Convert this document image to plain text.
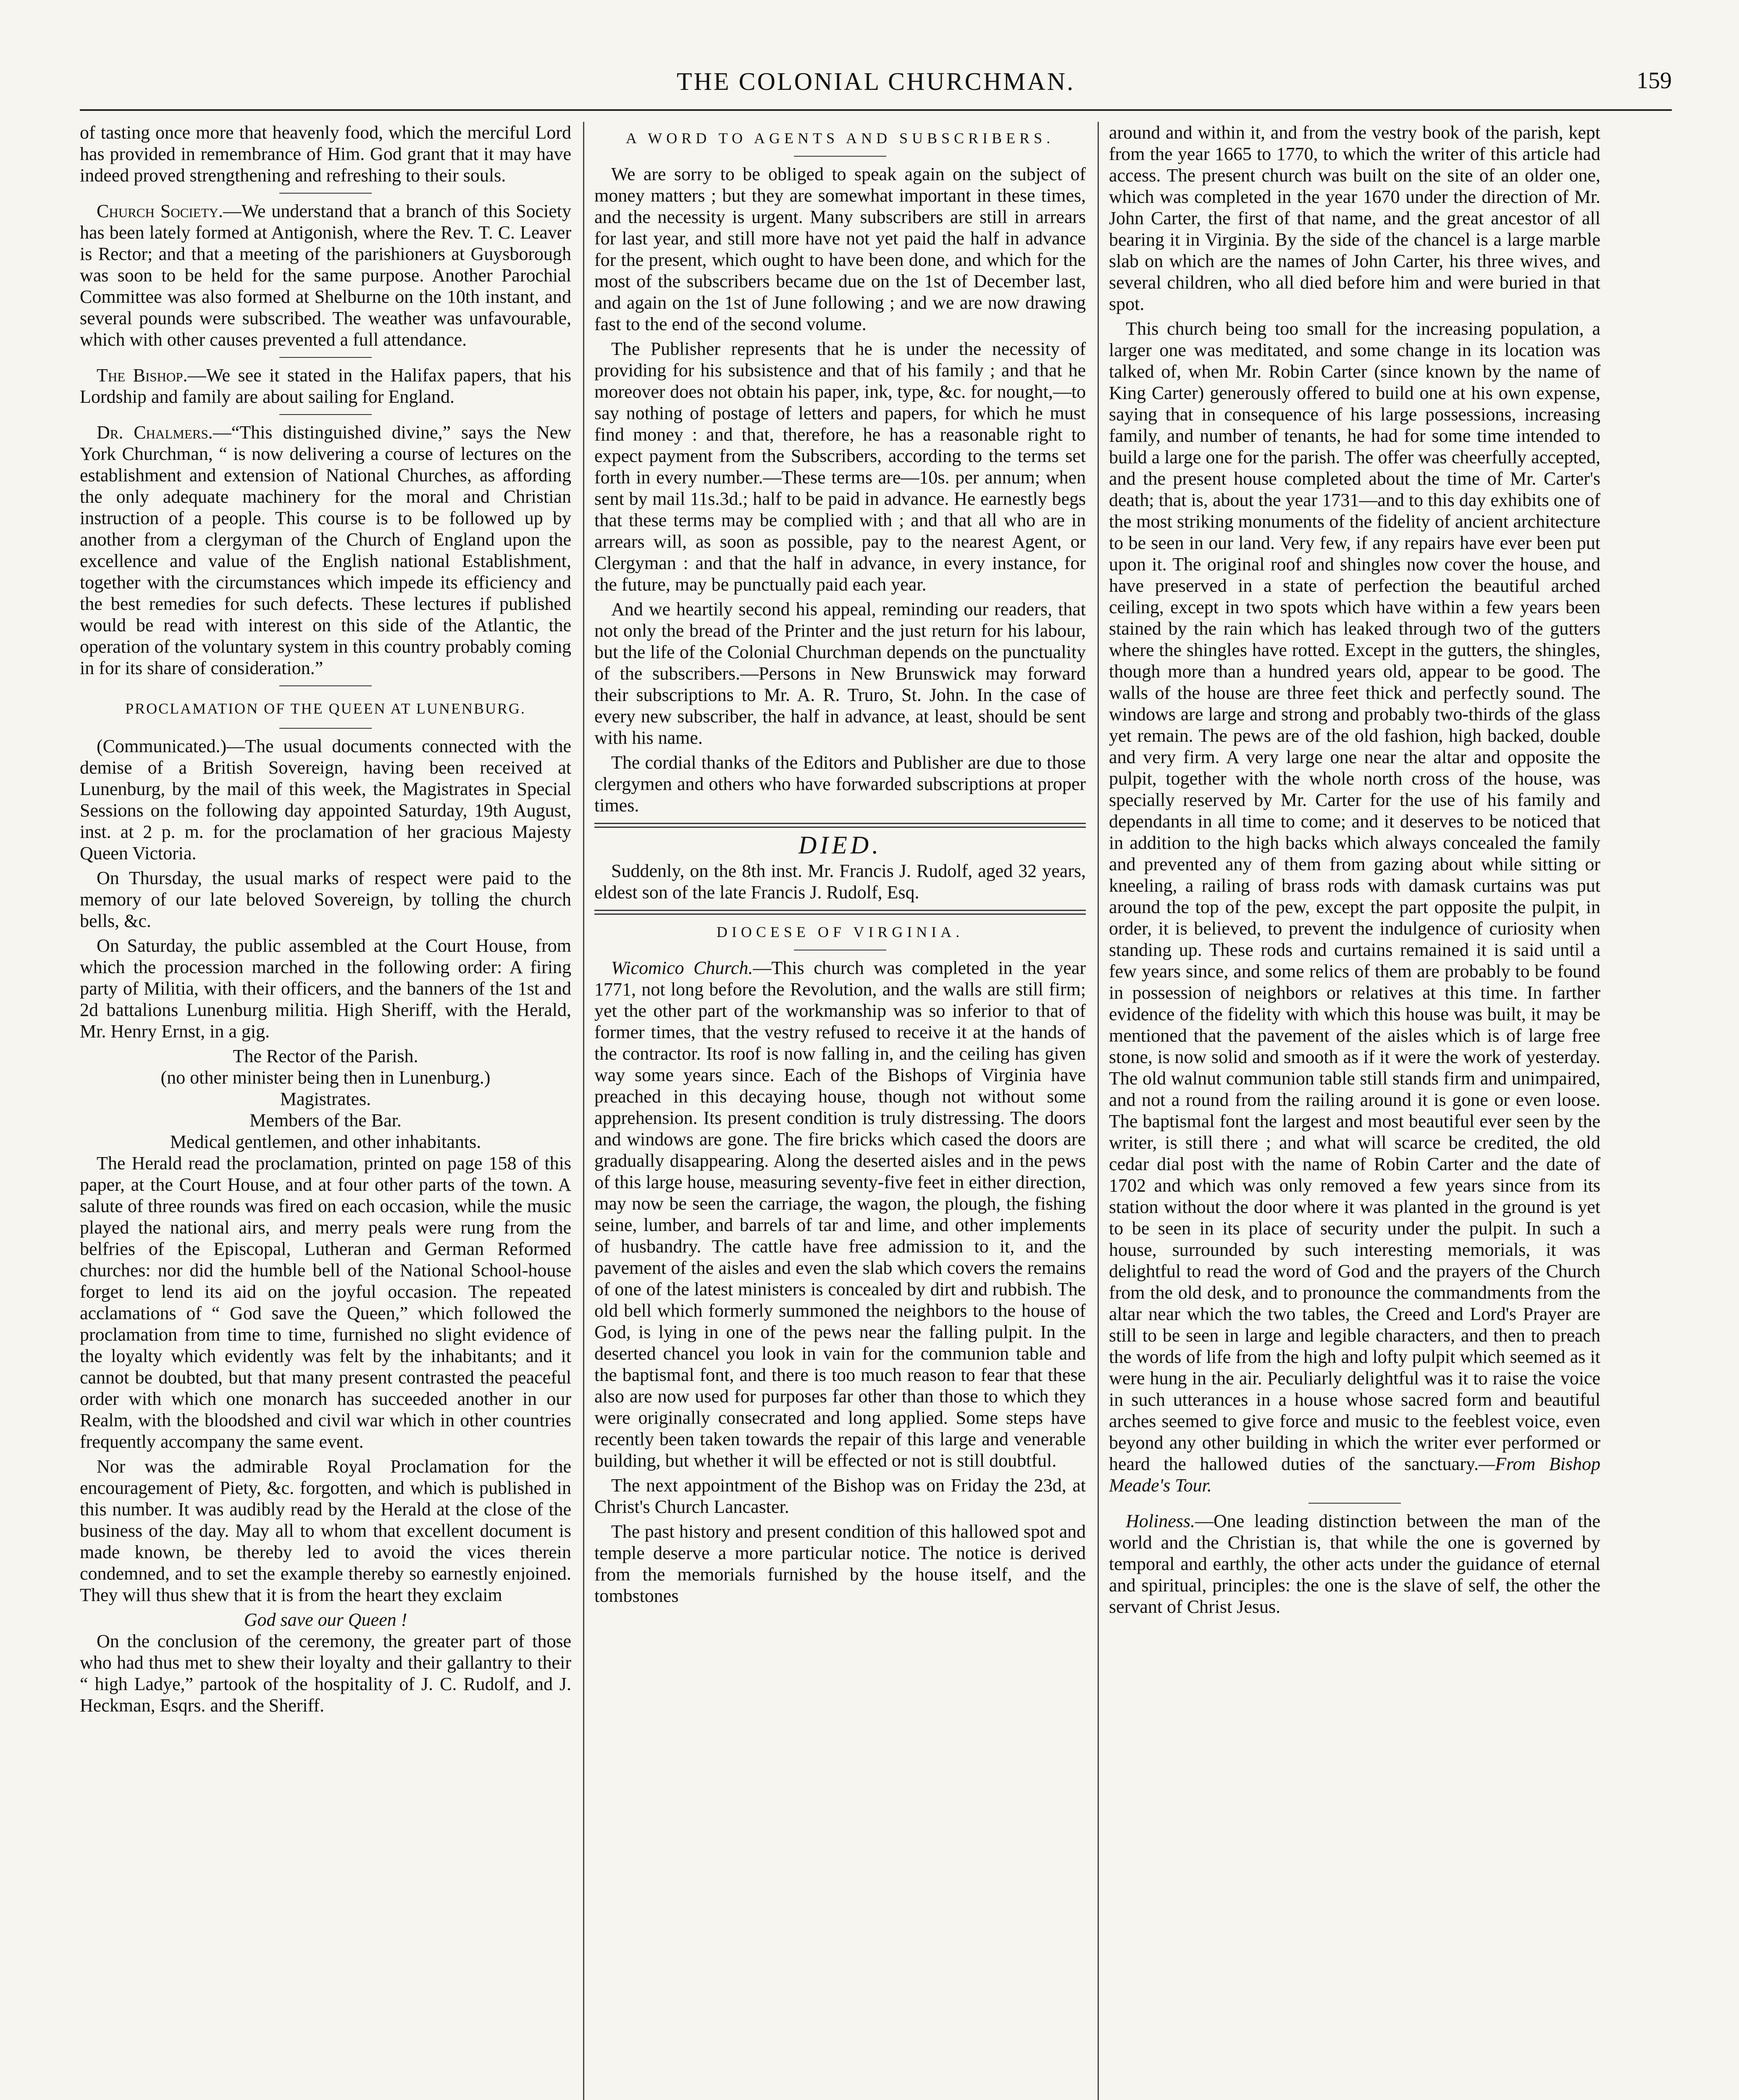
THE COLONIAL CHURCHMAN.	159

of tasting once more that heavenly food, which the merciful Lord has provided in remembrance of Him. God grant that it may have indeed proved strengthening and refreshing to their souls.

Church Society.—We understand that a branch of this Society has been lately formed at Antigonish, where the Rev. T. C. Leaver is Rector; and that a meeting of the parishioners at Guysborough was soon to be held for the same purpose. Another Parochial Committee was also formed at Shelburne on the 10th instant, and several pounds were subscribed. The weather was unfavourable, which with other causes prevented a full attendance.

The Bishop.—We see it stated in the Halifax papers, that his Lordship and family are about sailing for England.

Dr. Chalmers.—“This distinguished divine,” says the New York Churchman, “ is now delivering a course of lectures on the establishment and extension of National Churches, as affording the only adequate machinery for the moral and Christian instruction of a people. This course is to be followed up by another from a clergyman of the Church of England upon the excellence and value of the English national Establishment, together with the circumstances which impede its efficiency and the best remedies for such defects. These lectures if published would be read with interest on this side of the Atlantic, the operation of the voluntary system in this country probably coming in for its share of consideration.”

PROCLAMATION OF THE QUEEN AT LUNENBURG.

(Communicated.)—The usual documents connected with the demise of a British Sovereign, having been received at Lunenburg, by the mail of this week, the Magistrates in Special Sessions on the following day appointed Saturday, 19th August, inst. at 2 p. m. for the proclamation of her gracious Majesty Queen Victoria.

On Thursday, the usual marks of respect were paid to the memory of our late beloved Sovereign, by tolling the church bells, &c.

On Saturday, the public assembled at the Court House, from which the procession marched in the following order: A firing party of Militia, with their officers, and the banners of the 1st and 2d battalions Lunenburg militia. High Sheriff, with the Herald, Mr. Henry Ernst, in a gig.

The Rector of the Parish.
(no other minister being then in Lunenburg.)
Magistrates.
Members of the Bar.
Medical gentlemen, and other inhabitants.

The Herald read the proclamation, printed on page 158 of this paper, at the Court House, and at four other parts of the town. A salute of three rounds was fired on each occasion, while the music played the national airs, and merry peals were rung from the belfries of the Episcopal, Lutheran and German Reformed churches: nor did the humble bell of the National School-house forget to lend its aid on the joyful occasion. The repeated acclamations of “ God save the Queen,” which followed the proclamation from time to time, furnished no slight evidence of the loyalty which evidently was felt by the inhabitants; and it cannot be doubted, but that many present contrasted the peaceful order with which one monarch has succeeded another in our Realm, with the bloodshed and civil war which in other countries frequently accompany the same event.

Nor was the admirable Royal Proclamation for the encouragement of Piety, &c. forgotten, and which is published in this number. It was audibly read by the Herald at the close of the business of the day. May all to whom that excellent document is made known, be thereby led to avoid the vices therein condemned, and to set the example thereby so earnestly enjoined. They will thus shew that it is from the heart they exclaim

God save our Queen !

On the conclusion of the ceremony, the greater part of those who had thus met to shew their loyalty and their gallantry to their “ high Ladye,” partook of the hospitality of J. C. Rudolf, and J. Heckman, Esqrs. and the Sheriff.

A WORD TO AGENTS AND SUBSCRIBERS.

We are sorry to be obliged to speak again on the subject of money matters ; but they are somewhat important in these times, and the necessity is urgent. Many subscribers are still in arrears for last year, and still more have not yet paid the half in advance for the present, which ought to have been done, and which for the most of the subscribers became due on the 1st of December last, and again on the 1st of June following ; and we are now drawing fast to the end of the second volume.

The Publisher represents that he is under the necessity of providing for his subsistence and that of his family ; and that he moreover does not obtain his paper, ink, type, &c. for nought,—to say nothing of postage of letters and papers, for which he must find money : and that, therefore, he has a reasonable right to expect payment from the Subscribers, according to the terms set forth in every number.—These terms are—10s. per annum; when sent by mail 11s.3d.; half to be paid in advance. He earnestly begs that these terms may be complied with ; and that all who are in arrears will, as soon as possible, pay to the nearest Agent, or Clergyman : and that the half in advance, in every instance, for the future, may be punctually paid each year.

And we heartily second his appeal, reminding our readers, that not only the bread of the Printer and the just return for his labour, but the life of the Colonial Churchman depends on the punctuality of the subscribers.—Persons in New Brunswick may forward their subscriptions to Mr. A. R. Truro, St. John. In the case of every new subscriber, the half in advance, at least, should be sent with his name.

The cordial thanks of the Editors and Publisher are due to those clergymen and others who have forwarded subscriptions at proper times.

DIED.

Suddenly, on the 8th inst. Mr. Francis J. Rudolf, aged 32 years, eldest son of the late Francis J. Rudolf, Esq.

DIOCESE OF VIRGINIA.

Wicomico Church.—This church was completed in the year 1771, not long before the Revolution, and the walls are still firm; yet the other part of the workmanship was so inferior to that of former times, that the vestry refused to receive it at the hands of the contractor. Its roof is now falling in, and the ceiling has given way some years since. Each of the Bishops of Virginia have preached in this decaying house, though not without some apprehension. Its present condition is truly distressing. The doors and windows are gone. The fire bricks which cased the doors are gradually disappearing. Along the deserted aisles and in the pews of this large house, measuring seventy-five feet in either direction, may now be seen the carriage, the wagon, the plough, the fishing seine, lumber, and barrels of tar and lime, and other implements of husbandry. The cattle have free admission to it, and the pavement of the aisles and even the slab which covers the remains of one of the latest ministers is concealed by dirt and rubbish. The old bell which formerly summoned the neighbors to the house of God, is lying in one of the pews near the falling pulpit. In the deserted chancel you look in vain for the communion table and the baptismal font, and there is too much reason to fear that these also are now used for purposes far other than those to which they were originally consecrated and long applied. Some steps have recently been taken towards the repair of this large and venerable building, but whether it will be effected or not is still doubtful.

The next appointment of the Bishop was on Friday the 23d, at Christ's Church Lancaster.

The past history and present condition of this hallowed spot and temple deserve a more particular notice. The notice is derived from the memorials furnished by the house itself, and the tombstones

around and within it, and from the vestry book of the parish, kept from the year 1665 to 1770, to which the writer of this article had access. The present church was built on the site of an older one, which was completed in the year 1670 under the direction of Mr. John Carter, the first of that name, and the great ancestor of all bearing it in Virginia. By the side of the chancel is a large marble slab on which are the names of John Carter, his three wives, and several children, who all died before him and were buried in that spot.

This church being too small for the increasing population, a larger one was meditated, and some change in its location was talked of, when Mr. Robin Carter (since known by the name of King Carter) generously offered to build one at his own expense, saying that in consequence of his large possessions, increasing family, and number of tenants, he had for some time intended to build a large one for the parish. The offer was cheerfully accepted, and the present house completed about the time of Mr. Carter's death; that is, about the year 1731—and to this day exhibits one of the most striking monuments of the fidelity of ancient architecture to be seen in our land. Very few, if any repairs have ever been put upon it. The original roof and shingles now cover the house, and have preserved in a state of perfection the beautiful arched ceiling, except in two spots which have within a few years been stained by the rain which has leaked through two of the gutters where the shingles have rotted. Except in the gutters, the shingles, though more than a hundred years old, appear to be good. The walls of the house are three feet thick and perfectly sound. The windows are large and strong and probably two-thirds of the glass yet remain. The pews are of the old fashion, high backed, double and very firm. A very large one near the altar and opposite the pulpit, together with the whole north cross of the house, was specially reserved by Mr. Carter for the use of his family and dependants in all time to come; and it deserves to be noticed that in addition to the high backs which always concealed the family and prevented any of them from gazing about while sitting or kneeling, a railing of brass rods with damask curtains was put around the top of the pew, except the part opposite the pulpit, in order, it is believed, to prevent the indulgence of curiosity when standing up. These rods and curtains remained it is said until a few years since, and some relics of them are probably to be found in possession of neighbors or relatives at this time. In farther evidence of the fidelity with which this house was built, it may be mentioned that the pavement of the aisles which is of large free stone, is now solid and smooth as if it were the work of yesterday. The old walnut communion table still stands firm and unimpaired, and not a round from the railing around it is gone or even loose. The baptismal font the largest and most beautiful ever seen by the writer, is still there ; and what will scarce be credited, the old cedar dial post with the name of Robin Carter and the date of 1702 and which was only removed a few years since from its station without the door where it was planted in the ground is yet to be seen in its place of security under the pulpit. In such a house, surrounded by such interesting memorials, it was delightful to read the word of God and the prayers of the Church from the old desk, and to pronounce the commandments from the altar near which the two tables, the Creed and Lord's Prayer are still to be seen in large and legible characters, and then to preach the words of life from the high and lofty pulpit which seemed as it were hung in the air. Peculiarly delightful was it to raise the voice in such utterances in a house whose sacred form and beautiful arches seemed to give force and music to the feeblest voice, even beyond any other building in which the writer ever performed or heard the hallowed duties of the sanctuary.—From Bishop Meade's Tour.

Holiness.—One leading distinction between the man of the world and the Christian is, that while the one is governed by temporal and earthly, the other acts under the guidance of eternal and spiritual, principles: the one is the slave of self, the other the servant of Christ Jesus.
